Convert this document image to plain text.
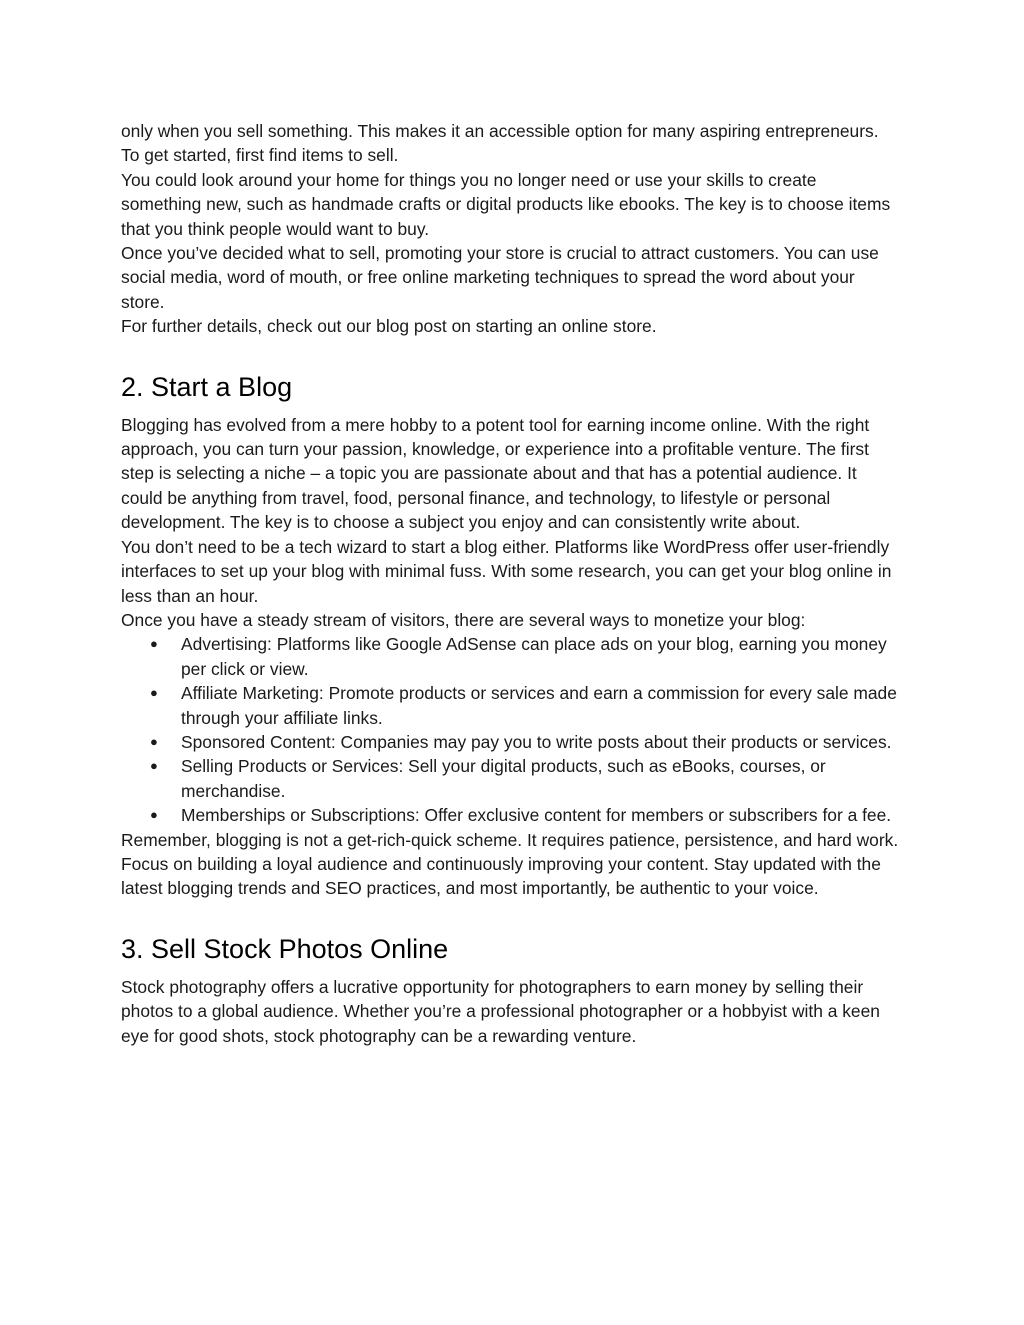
only when you sell something. This makes it an accessible option for many aspiring entrepreneurs.

To get started, first find items to sell.

You could look around your home for things you no longer need or use your skills to create something new, such as handmade crafts or digital products like ebooks. The key is to choose items that you think people would want to buy.

Once you’ve decided what to sell, promoting your store is crucial to attract customers. You can use social media, word of mouth, or free online marketing techniques to spread the word about your store.

For further details, check out our blog post on starting an online store.

2. Start a Blog

Blogging has evolved from a mere hobby to a potent tool for earning income online. With the right approach, you can turn your passion, knowledge, or experience into a profitable venture. The first step is selecting a niche – a topic you are passionate about and that has a potential audience. It could be anything from travel, food, personal finance, and technology, to lifestyle or personal development. The key is to choose a subject you enjoy and can consistently write about.

You don’t need to be a tech wizard to start a blog either. Platforms like WordPress offer user-friendly interfaces to set up your blog with minimal fuss. With some research, you can get your blog online in less than an hour.

Once you have a steady stream of visitors, there are several ways to monetize your blog:

● Advertising: Platforms like Google AdSense can place ads on your blog, earning you money per click or view.
● Affiliate Marketing: Promote products or services and earn a commission for every sale made through your affiliate links.
● Sponsored Content: Companies may pay you to write posts about their products or services.
● Selling Products or Services: Sell your digital products, such as eBooks, courses, or merchandise.
● Memberships or Subscriptions: Offer exclusive content for members or subscribers for a fee.

Remember, blogging is not a get-rich-quick scheme. It requires patience, persistence, and hard work. Focus on building a loyal audience and continuously improving your content. Stay updated with the latest blogging trends and SEO practices, and most importantly, be authentic to your voice.

3. Sell Stock Photos Online

Stock photography offers a lucrative opportunity for photographers to earn money by selling their photos to a global audience. Whether you’re a professional photographer or a hobbyist with a keen eye for good shots, stock photography can be a rewarding venture.
